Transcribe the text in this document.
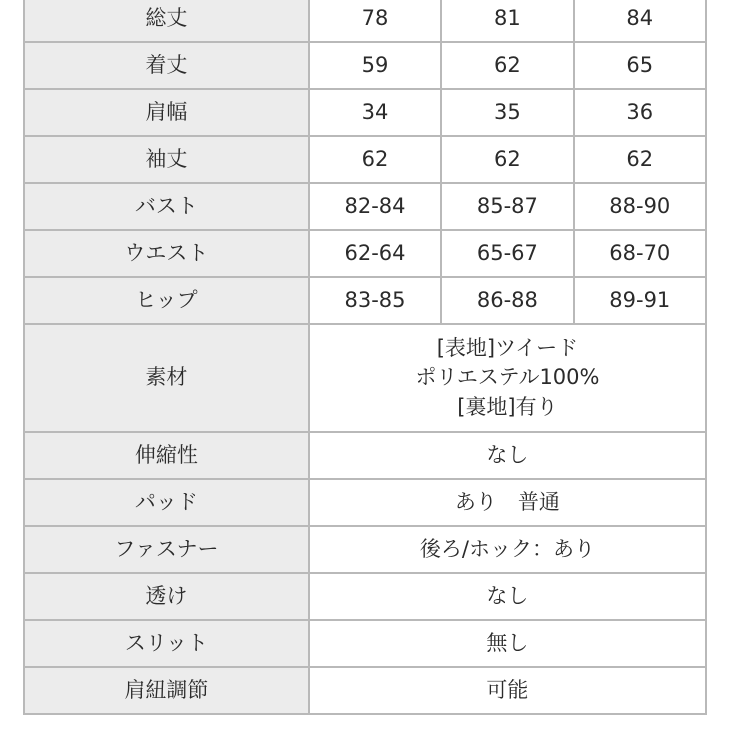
総丈	78	81	84
着丈	59	62	65
肩幅	34	35	36
袖丈	62	62	62
バスト	82-84	85-87	88-90
ウエスト	62-64	65-67	68-70
ヒップ	83-85	86-88	89-91
素材	[表地]ツイード
ポリエステル100%
[裏地]有り		

伸縮性	なし		
パッド	あり　普通		
ファスナー	後ろ/ホック：あり		
透け	なし		
スリット	無し		
肩紐調節	可能		
